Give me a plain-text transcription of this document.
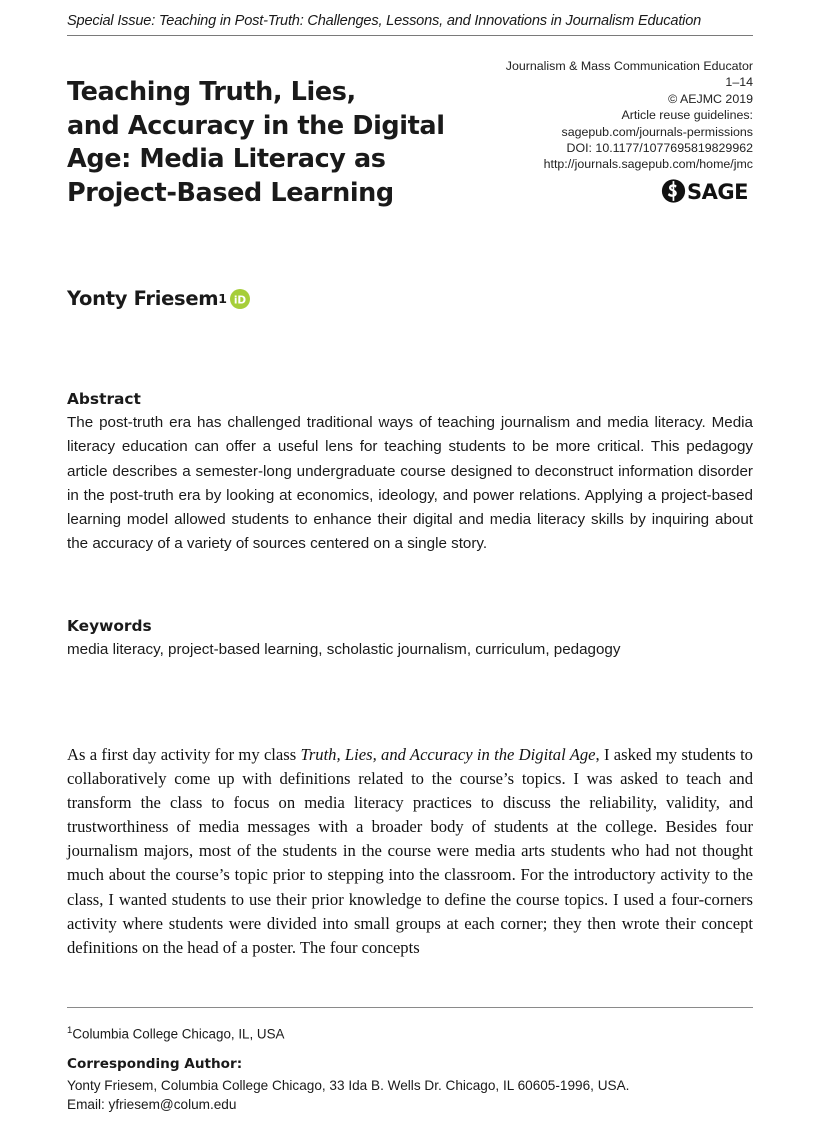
Special Issue: Teaching in Post-Truth: Challenges, Lessons, and Innovations in Journalism Education
Teaching Truth, Lies,
and Accuracy in the Digital
Age: Media Literacy as
Project-Based Learning
Journalism & Mass Communication Educator
1–14
© AEJMC 2019
Article reuse guidelines:
sagepub.com/journals-permissions
DOI: 10.1177/1077695819829962
http://journals.sagepub.com/home/jmc
SAGE
Yonty Friesem 1 iD
Abstract

The post-truth era has challenged traditional ways of teaching journalism and media literacy. Media literacy education can offer a useful lens for teaching students to be more critical. This pedagogy article describes a semester-long undergraduate course designed to deconstruct information disorder in the post-truth era by looking at economics, ideology, and power relations. Applying a project-based learning model allowed students to enhance their digital and media literacy skills by inquiring about the accuracy of a variety of sources centered on a single story.

Keywords

media literacy, project-based learning, scholastic journalism, curriculum, pedagogy

As a first day activity for my class Truth, Lies, and Accuracy in the Digital Age, I asked my students to collaboratively come up with definitions related to the course’s topics. I was asked to teach and transform the class to focus on media literacy practices to discuss the reliability, validity, and trustworthiness of media messages with a broader body of students at the college. Besides four journalism majors, most of the students in the course were media arts students who had not thought much about the course’s topic prior to stepping into the classroom. For the introductory activity to the class, I wanted students to use their prior knowledge to define the course topics. I used a four-corners activity where students were divided into small groups at each corner; they then wrote their concept definitions on the head of a poster. The four concepts

$^1$Columbia College Chicago, IL, USA
Corresponding Author:
Yonty Friesem, Columbia College Chicago, 33 Ida B. Wells Dr. Chicago, IL 60605-1996, USA.
Email: yfriesem@colum.edu
